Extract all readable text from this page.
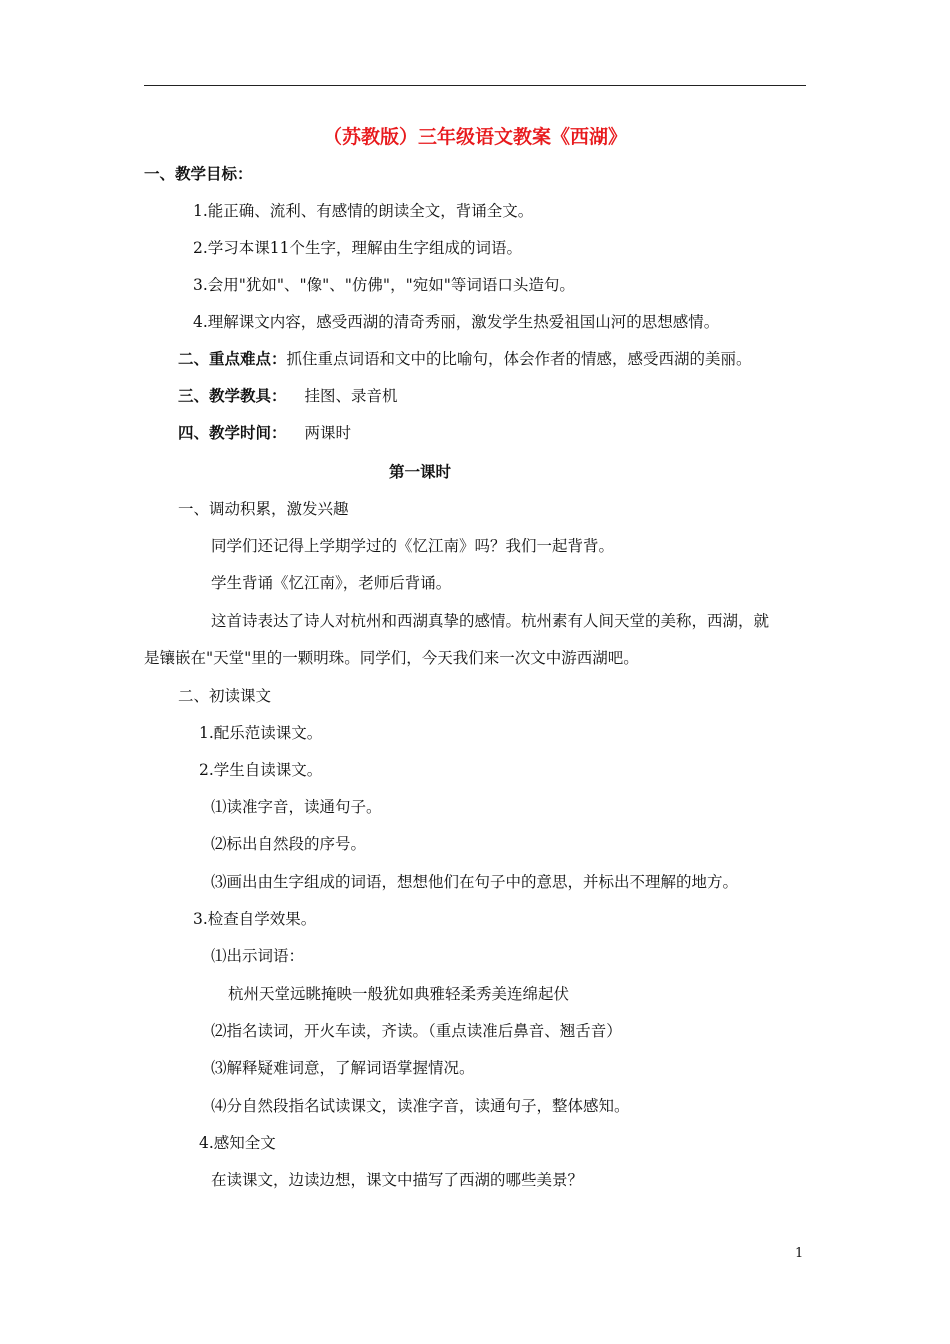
（苏教版）三年级语文教案《西湖》
一、教学目标：
1.能正确、流利、有感情的朗读全文，背诵全文。
2.学习本课11个生字，理解由生字组成的词语。
3.会用"犹如"、"像"、"仿佛"，"宛如"等词语口头造句。
4.理解课文内容，感受西湖的清奇秀丽，激发学生热爱祖国山河的思想感情。
二、重点难点：抓住重点词语和文中的比喻句，体会作者的情感，感受西湖的美丽。
三、教学教具： 挂图、录音机
四、教学时间： 两课时
第一课时
一、调动积累，激发兴趣
同学们还记得上学期学过的《忆江南》吗？我们一起背背。
学生背诵《忆江南》，老师后背诵。
这首诗表达了诗人对杭州和西湖真挚的感情。杭州素有人间天堂的美称，西湖，就
是镶嵌在"天堂"里的一颗明珠。同学们，今天我们来一次文中游西湖吧。
二、初读课文
1.配乐范读课文。
2.学生自读课文。
⑴读准字音，读通句子。
⑵标出自然段的序号。
⑶画出由生字组成的词语，想想他们在句子中的意思，并标出不理解的地方。
3.检查自学效果。
⑴出示词语：
杭州天堂远眺掩映一般犹如典雅轻柔秀美连绵起伏
⑵指名读词，开火车读，齐读。（重点读准后鼻音、翘舌音）
⑶解释疑难词意，了解词语掌握情况。
⑷分自然段指名试读课文，读准字音，读通句子，整体感知。
4.感知全文
在读课文，边读边想，课文中描写了西湖的哪些美景？
1
